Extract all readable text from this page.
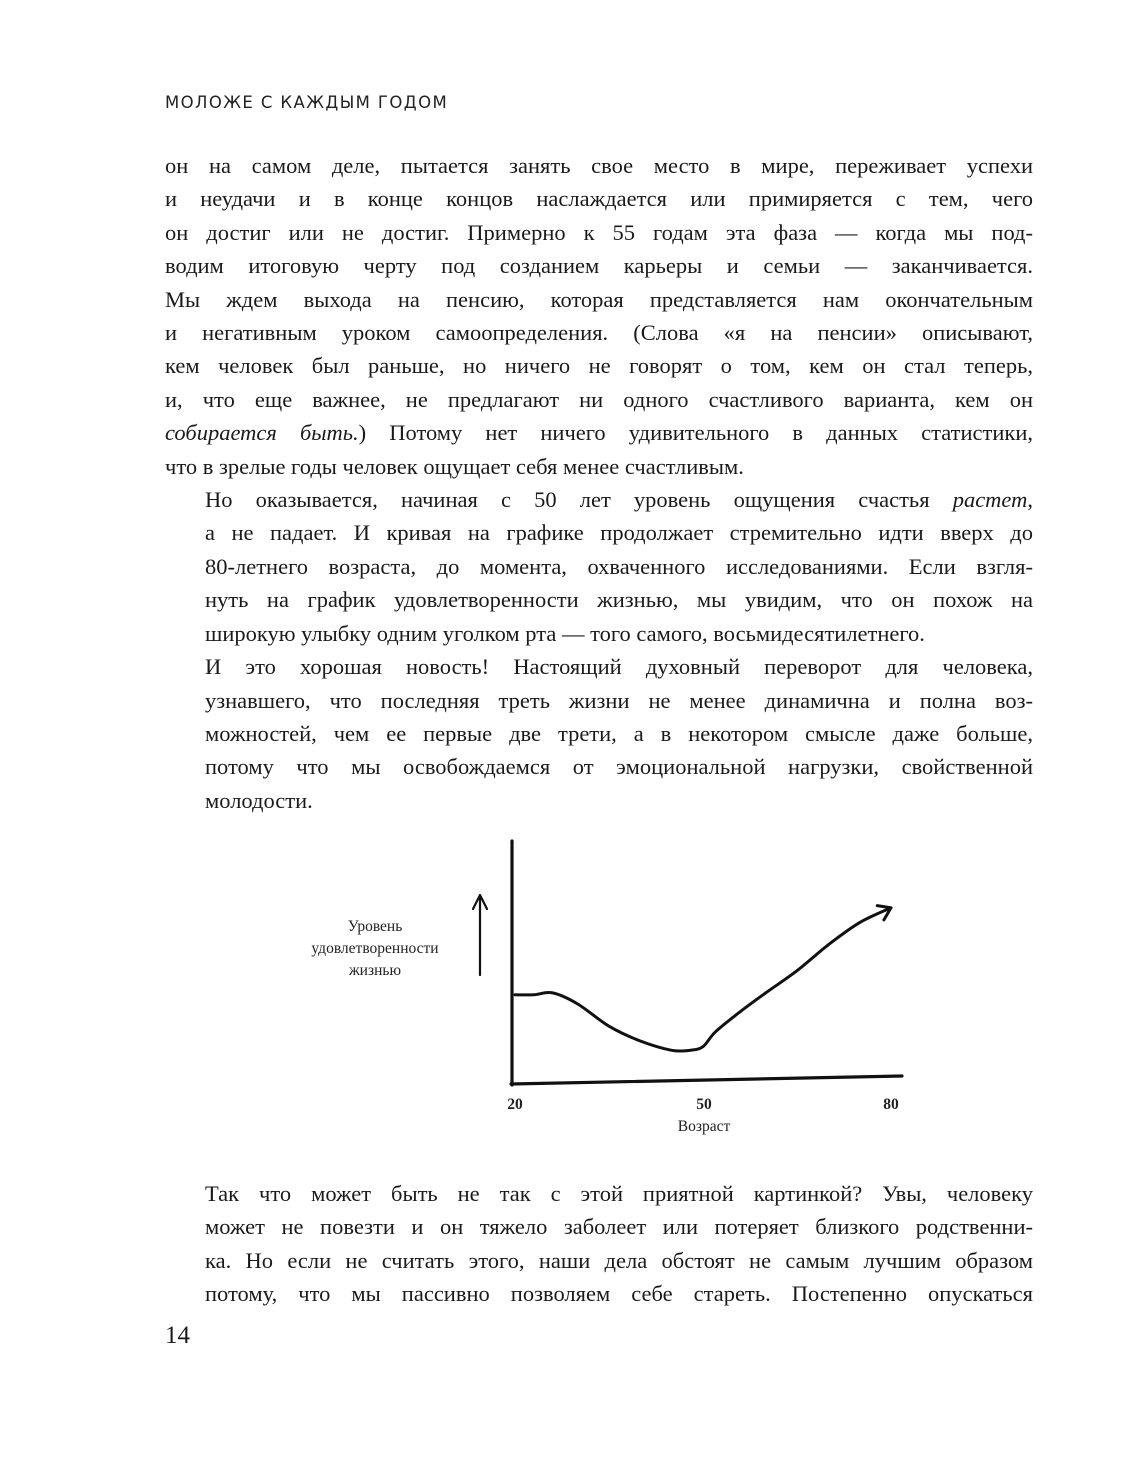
МОЛОЖЕ С КАЖДЫМ ГОДОМ

он на самом деле, пытается занять свое место в мире, переживает успехи
и неудачи и в конце концов наслаждается или примиряется с тем, чего
он достиг или не достиг. Примерно к 55 годам эта фаза — когда мы под-
водим итоговую черту под созданием карьеры и семьи — заканчивается.
Мы ждем выхода на пенсию, которая представляется нам окончательным
и негативным уроком самоопределения. (Слова «я на пенсии» описывают,
кем человек был раньше, но ничего не говорят о том, кем он стал теперь,
и, что еще важнее, не предлагают ни одного счастливого варианта, кем он
собирается быть.) Потому нет ничего удивительного в данных статистики,
что в зрелые годы человек ощущает себя менее счастливым.

Но оказывается, начиная с 50 лет уровень ощущения счастья растет,
а не падает. И кривая на графике продолжает стремительно идти вверх до
80-летнего возраста, до момента, охваченного исследованиями. Если взгля-
нуть на график удовлетворенности жизнью, мы увидим, что он похож на
широкую улыбку одним уголком рта — того самого, восьмидесятилетнего.

И это хорошая новость! Настоящий духовный переворот для человека,
узнавшего, что последняя треть жизни не менее динамична и полна воз-
можностей, чем ее первые две трети, а в некотором смысле даже больше,
потому что мы освобождаемся от эмоциональной нагрузки, свойственной
молодости.

Уровень
удовлетворенности
жизнью
20	50	80
Возраст

Так что может быть не так с этой приятной картинкой? Увы, человеку
может не повезти и он тяжело заболеет или потеряет близкого родственни-
ка. Но если не считать этого, наши дела обстоят не самым лучшим образом
потому, что мы пассивно позволяем себе стареть. Постепенно опускаться

14
